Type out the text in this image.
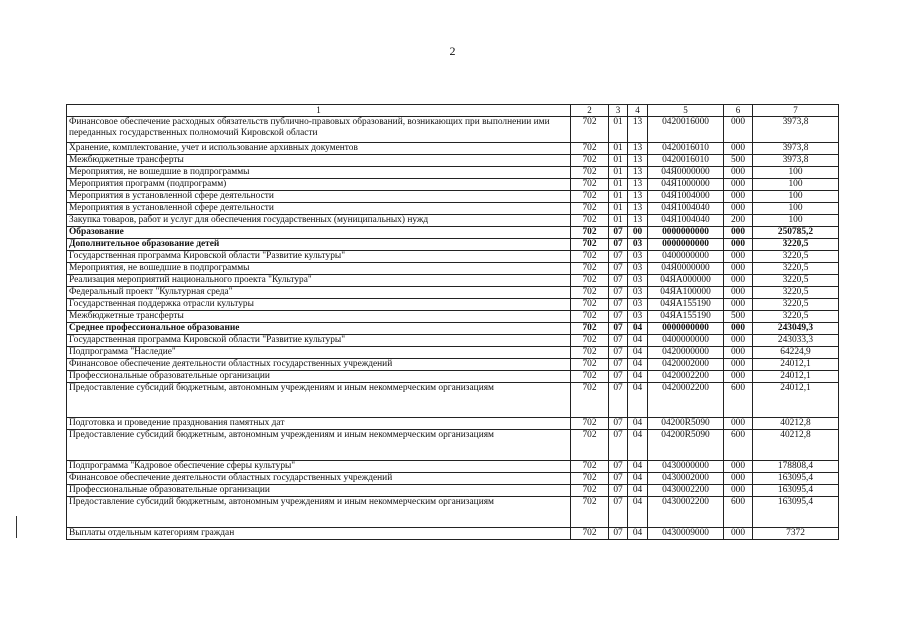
2
1	2	3	4	5	6	7
Финансовое обеспечение расходных обязательств публично-правовых образований, возникающих при выполнении ими переданных государственных полномочий Кировской области	702	01	13	0420016000	000	3973,8
Хранение, комплектование, учет и использование архивных документов	702	01	13	0420016010	000	3973,8
Межбюджетные трансферты	702	01	13	0420016010	500	3973,8
Мероприятия, не вошедшие в подпрограммы	702	01	13	04Я0000000	000	100
Мероприятия программ (подпрограмм)	702	01	13	04Я1000000	000	100
Мероприятия в установленной сфере деятельности	702	01	13	04Я1004000	000	100
Мероприятия в установленной сфере деятельности	702	01	13	04Я1004040	000	100
Закупка товаров, работ и услуг для обеспечения государственных (муниципальных) нужд	702	01	13	04Я1004040	200	100
Образование	702	07	00	0000000000	000	250785,2
Дополнительное образование детей	702	07	03	0000000000	000	3220,5
Государственная программа Кировской области "Развитие культуры"	702	07	03	0400000000	000	3220,5
Мероприятия, не вошедшие в подпрограммы	702	07	03	04Я0000000	000	3220,5
Реализация мероприятий национального проекта "Культура"	702	07	03	04ЯА000000	000	3220,5
Федеральный проект "Культурная среда"	702	07	03	04ЯА100000	000	3220,5
Государственная поддержка отрасли культуры	702	07	03	04ЯА155190	000	3220,5
Межбюджетные трансферты	702	07	03	04ЯА155190	500	3220,5
Среднее профессиональное образование	702	07	04	0000000000	000	243049,3
Государственная программа Кировской области "Развитие культуры"	702	07	04	0400000000	000	243033,3
Подпрограмма "Наследие"	702	07	04	0420000000	000	64224,9
Финансовое обеспечение деятельности областных государственных учреждений	702	07	04	0420002000	000	24012,1
Профессиональные образовательные организации	702	07	04	0420002200	000	24012,1
Предоставление субсидий бюджетным, автономным учреждениям и иным некоммерческим организациям	702	07	04	0420002200	600	24012,1
Подготовка и проведение празднования памятных дат	702	07	04	04200R5090	000	40212,8
Предоставление субсидий бюджетным, автономным учреждениям и иным некоммерческим организациям	702	07	04	04200R5090	600	40212,8
Подпрограмма "Кадровое обеспечение сферы культуры"	702	07	04	0430000000	000	178808,4
Финансовое обеспечение деятельности областных государственных учреждений	702	07	04	0430002000	000	163095,4
Профессиональные образовательные организации	702	07	04	0430002200	000	163095,4
Предоставление субсидий бюджетным, автономным учреждениям и иным некоммерческим организациям	702	07	04	0430002200	600	163095,4
Выплаты отдельным категориям граждан	702	07	04	0430009000	000	7372
